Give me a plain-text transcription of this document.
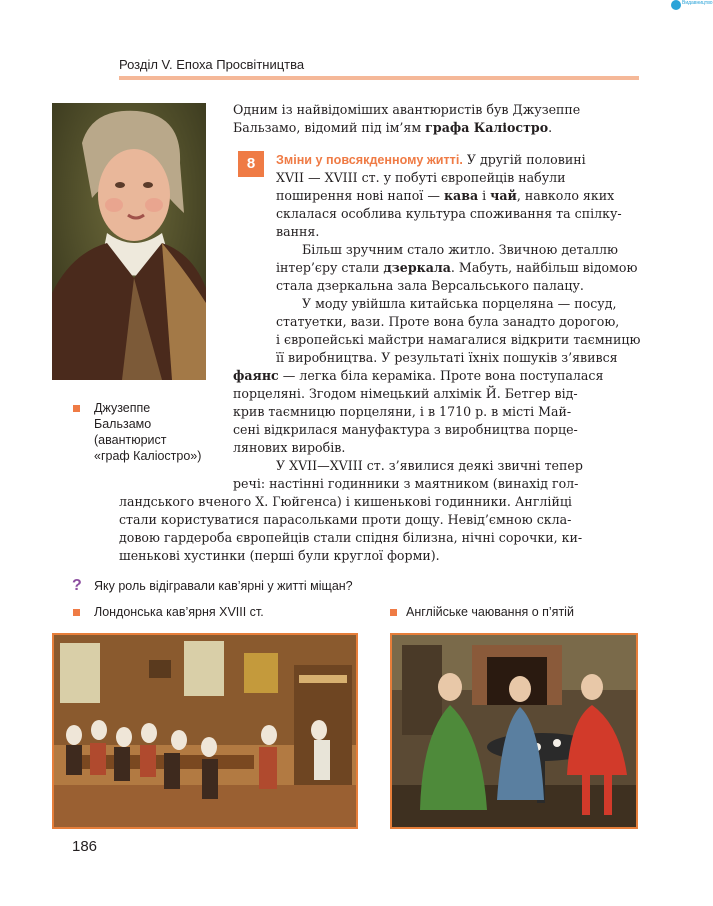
Видавництво
Розділ V. Епоха Просвітництва
Джузеппе
Бальзамо
(авантюрист
«граф Каліостро»)
Одним із найвідоміших авантюристів був Джузеппе
Бальзамо, відомий під ім’ям графа Каліостро.
8	Зміни у повсякденному житті. У другій половині
XVII — XVIII ст. у побуті європейців набули
поширення нові напої — кава і чай, навколо яких
склалася особлива культура споживання та спілку-
вання.
Більш зручним стало житло. Звичною деталлю
інтер’єру стали дзеркала. Мабуть, найбільш відомою
стала дзеркальна зала Версальського палацу.
У моду увійшла китайська порцеляна — посуд,
статуетки, вази. Проте вона була занадто дорогою,
і європейські майстри намагалися відкрити таємницю
її виробництва. У результаті їхніх пошуків з’явився
фаянс — легка біла кераміка. Проте вона поступалася
порцеляні. Згодом німецький алхімік Й. Бетгер від-
крив таємницю порцеляни, і в 1710 р. в місті Май-
сені відкрилася мануфактура з виробництва порце-
лянових виробів.
У XVII—XVIII ст. з’явилися деякі звичні тепер
речі: настінні годинники з маятником (винахід гол-
ландського вченого Х. Гюйгенса) і кишенькові годинники. Англійці
стали користуватися парасольками проти дощу. Невід’ємною скла-
довою гардероба європейців стали спідня білизна, нічні сорочки, ки-
шенькові хустинки (перші були круглої форми).
? Яку роль відігравали кав’ярні у житті міщан?
Лондонська кав’ярня XVIII ст.	Англійське чаювання о п’ятій
186
